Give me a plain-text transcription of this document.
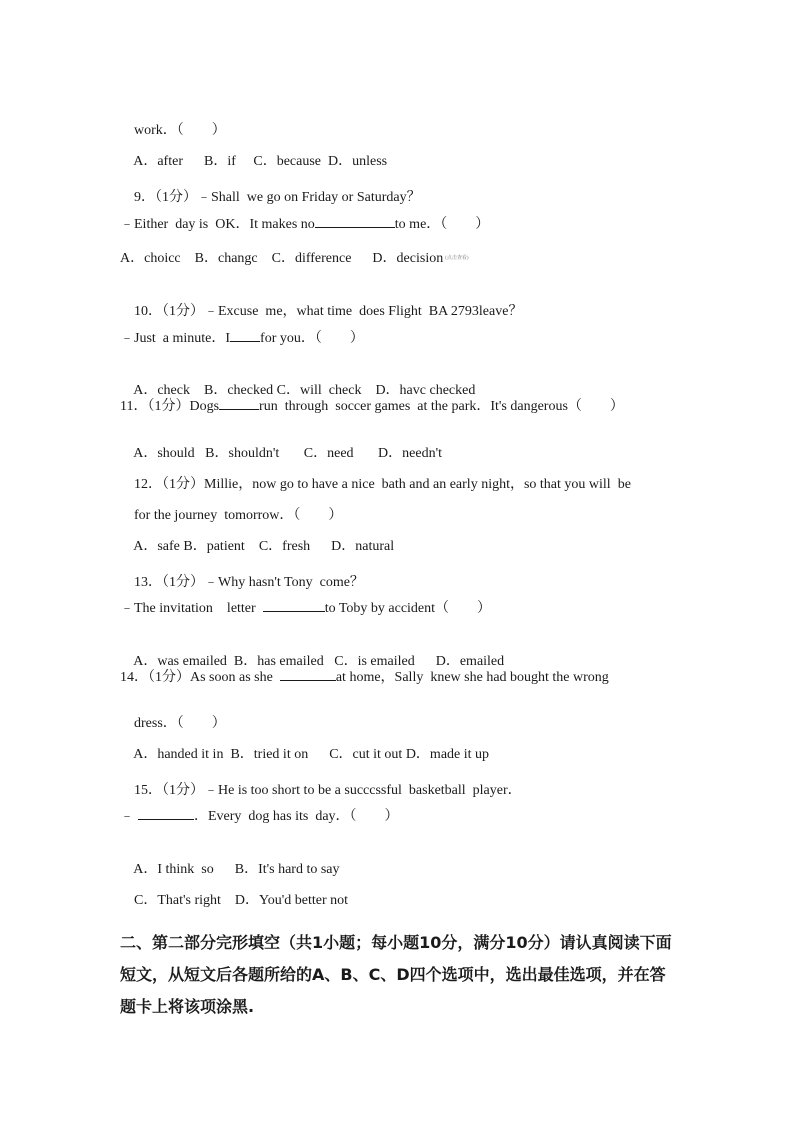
work．（        ）

A．after      B．if     C．because  D．unless

9．（1分）﹣Shall  we go on Friday or Saturday？

﹣Either  day is  OK．It makes no	to me．（        ）
A．choicc    B．changc    C．difference      D．decision (点击查看)

10．（1分）﹣Excuse  me，what time  does Flight  BA 2793leave？

﹣Just  a minute．I for you．（        ）

A．check    B．checked C．will  check    D．havc checked

11．（1分）Dogs	run  through  soccer games  at the park．It's dangerous（        ）

A．should   B．shouldn't       C．need       D．needn't

12．（1分）Millie，now go to have a nice  bath and an early night，so that you will  be

for the journey  tomorrow．（        ）

A．safe B．patient    C．fresh      D．natural

13．（1分）﹣Why hasn't Tony  come？

﹣The invitation    letter	to Toby by accident（        ）

A．was emailed  B．has emailed   C．is emailed      D．emailed

14．（1分）As soon as she	at home，Sally  knew she had bought the wrong

dress．（        ）

A．handed it in  B．tried it on      C．cut it out D．made it up

15．（1分）﹣He is too short to be a succcssful  basketball  player．

﹣	．Every  dog has its  day．（        ）

A．I think  so      B．It's hard to say

C．That's right    D．You'd better not

二、第二部分完形填空（共1小题；每小题10分，满分10分）请认真阅读下面短文，从短文后各题所给的A、B、C、D四个选项中，选出最佳选项，并在答题卡上将该项涂黑.
